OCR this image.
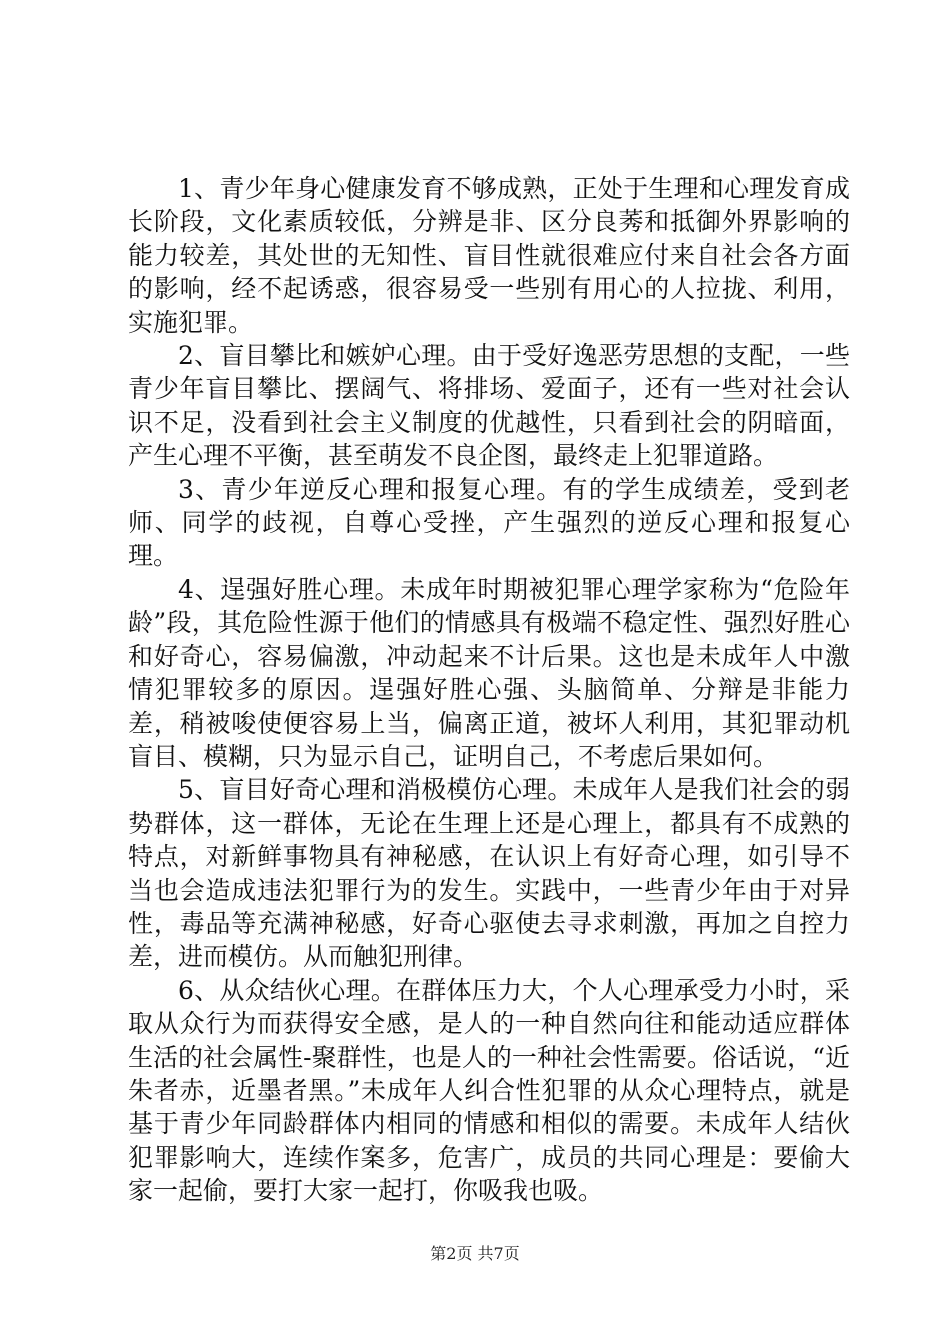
1、青少年身心健康发育不够成熟，正处于生理和心理发育成长阶段，文化素质较低，分辨是非、区分良莠和抵御外界影响的能力较差，其处世的无知性、盲目性就很难应付来自社会各方面的影响，经不起诱惑，很容易受一些别有用心的人拉拢、利用，实施犯罪。

2、盲目攀比和嫉妒心理。由于受好逸恶劳思想的支配，一些青少年盲目攀比、摆阔气、将排场、爱面子，还有一些对社会认识不足，没看到社会主义制度的优越性，只看到社会的阴暗面，产生心理不平衡，甚至萌发不良企图，最终走上犯罪道路。

3、青少年逆反心理和报复心理。有的学生成绩差，受到老师、同学的歧视，自尊心受挫，产生强烈的逆反心理和报复心理。

4、逞强好胜心理。未成年时期被犯罪心理学家称为“危险年龄”段，其危险性源于他们的情感具有极端不稳定性、强烈好胜心和好奇心，容易偏激，冲动起来不计后果。这也是未成年人中激情犯罪较多的原因。逞强好胜心强、头脑简单、分辩是非能力差，稍被唆使便容易上当，偏离正道，被坏人利用，其犯罪动机盲目、模糊，只为显示自己，证明自己，不考虑后果如何。

5、盲目好奇心理和消极模仿心理。未成年人是我们社会的弱势群体，这一群体，无论在生理上还是心理上，都具有不成熟的特点，对新鲜事物具有神秘感，在认识上有好奇心理，如引导不当也会造成违法犯罪行为的发生。实践中，一些青少年由于对异性，毒品等充满神秘感，好奇心驱使去寻求刺激，再加之自控力差，进而模仿。从而触犯刑律。

6、从众结伙心理。在群体压力大，个人心理承受力小时，采取从众行为而获得安全感，是人的一种自然向往和能动适应群体生活的社会属性-聚群性，也是人的一种社会性需要。俗话说，“近朱者赤，近墨者黑。”未成年人纠合性犯罪的从众心理特点，就是基于青少年同龄群体内相同的情感和相似的需要。未成年人结伙犯罪影响大，连续作案多，危害广，成员的共同心理是：要偷大家一起偷，要打大家一起打，你吸我也吸。

第2页 共7页
